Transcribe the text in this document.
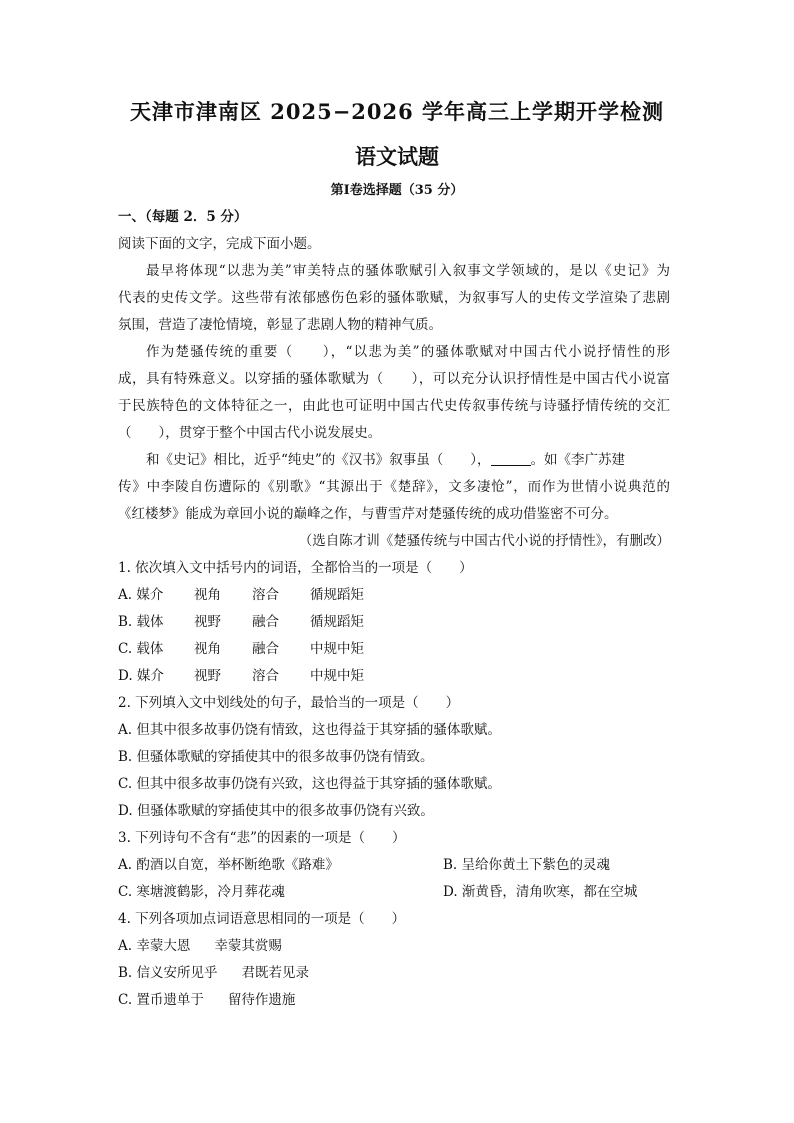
天津市津南区 2025−2026 学年高三上学期开学检测
语文试题
第Ⅰ卷选择题（35 分）
一、（每题 2．5 分）
阅读下面的文字，完成下面小题。
最早将体现“以悲为美”审美特点的骚体歌赋引入叙事文学领域的，是以《史记》为
代表的史传文学。这些带有浓郁感伤色彩的骚体歌赋，为叙事写人的史传文学渲染了悲剧
氛围，营造了凄怆情境，彰显了悲剧人物的精神气质。
作为楚骚传统的重要（　　），“以悲为美”的骚体歌赋对中国古代小说抒情性的形
成，具有特殊意义。以穿插的骚体歌赋为（　　），可以充分认识抒情性是中国古代小说富
于民族特色的文体特征之一，由此也可证明中国古代史传叙事传统与诗骚抒情传统的交汇
（　　），贯穿于整个中国古代小说发展史。
和《史记》相比，近乎“纯史”的《汉书》叙事虽（　　），	。如《李广苏建
传》中李陵自伤遭际的《别歌》“其源出于《楚辞》，文多凄怆”，而作为世情小说典范的
《红楼梦》能成为章回小说的巅峰之作，与曹雪芹对楚骚传统的成功借鉴密不可分。
（选自陈才训《楚骚传统与中国古代小说的抒情性》，有删改）
1. 依次填入文中括号内的词语，全都恰当的一项是（　　）
A. 媒介 视角 溶合 循规蹈矩
B. 载体 视野 融合 循规蹈矩
C. 载体 视角 融合 中规中矩
D. 媒介 视野 溶合 中规中矩
2. 下列填入文中划线处的句子，最恰当的一项是（　　）
A. 但其中很多故事仍饶有情致，这也得益于其穿插的骚体歌赋。
B. 但骚体歌赋的穿插使其中的很多故事仍饶有情致。
C. 但其中很多故事仍饶有兴致，这也得益于其穿插的骚体歌赋。
D. 但骚体歌赋的穿插使其中的很多故事仍饶有兴致。
3. 下列诗句不含有“悲”的因素的一项是（　　）
A. 酌酒以自宽，举杯断绝歌《路难》	B. 呈给你黄土下紫色的灵魂
C. 寒塘渡鹤影，冷月葬花魂	D. 渐黄昏，清角吹寒，都在空城
4. 下列各项加点词语意思相同的一项是（　　）
A. 幸蒙大恩 幸蒙其赏赐
B. 信义安所见乎 君既若见录
C. 置币遗单于 留待作遗施
